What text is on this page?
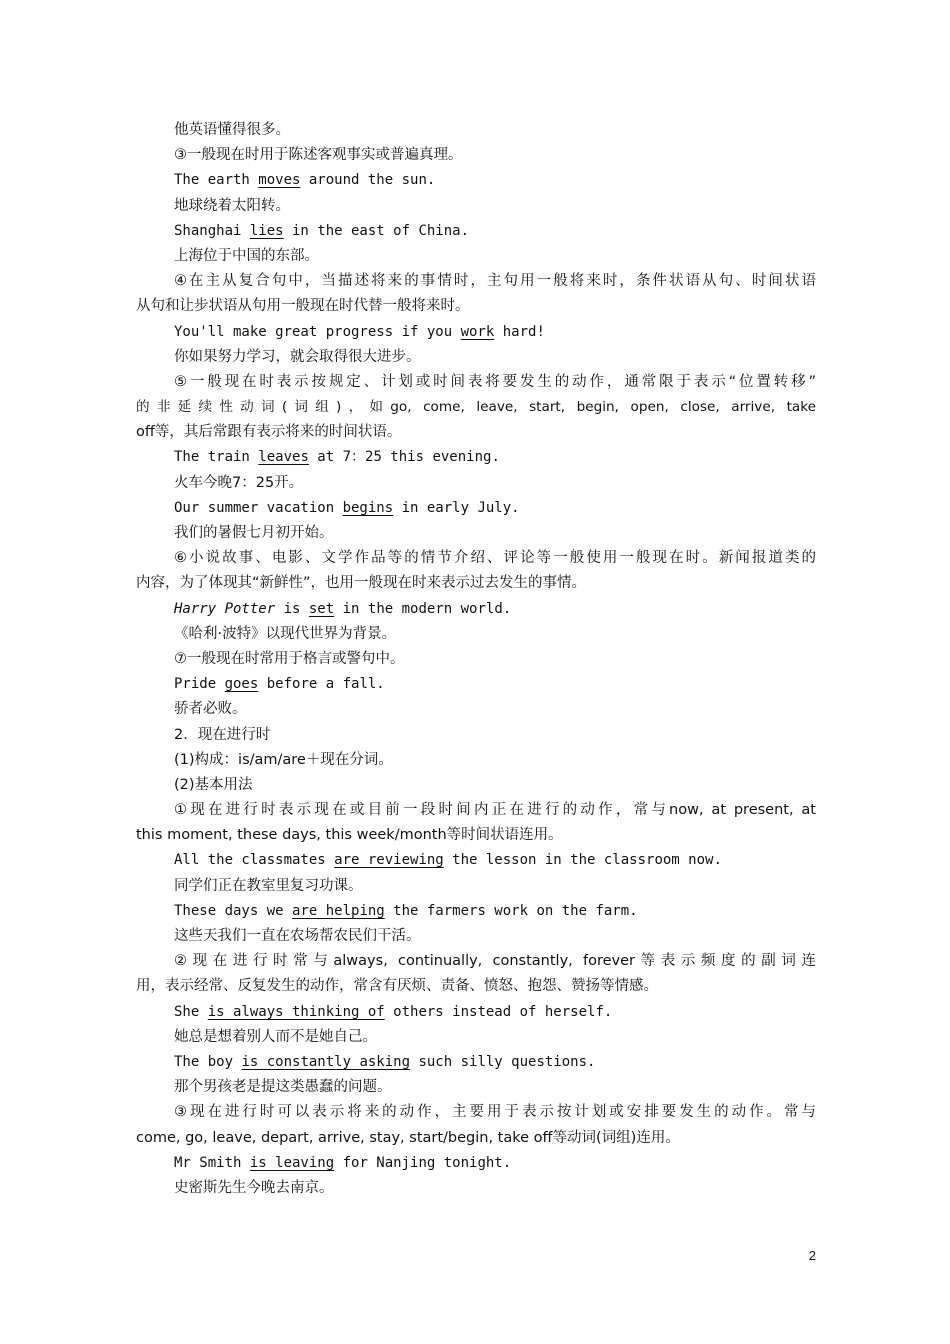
他英语懂得很多。
③一般现在时用于陈述客观事实或普遍真理。
The earth moves around the sun.
地球绕着太阳转。
Shanghai lies in the east of China.
上海位于中国的东部。
④在主从复合句中，当描述将来的事情时，主句用一般将来时，条件状语从句、时间状语
从句和让步状语从句用一般现在时代替一般将来时。
You'll make great progress if you work hard!
你如果努力学习，就会取得很大进步。
⑤一般现在时表示按规定、计划或时间表将要发生的动作，通常限于表示“位置转移”
的非延续性动词(词组)，如go, come, leave, start, begin, open, close, arrive, take
off等，其后常跟有表示将来的时间状语。
The train leaves at 7：25 this evening.
火车今晚7：25开。
Our summer vacation begins in early July.
我们的暑假七月初开始。
⑥小说故事、电影、文学作品等的情节介绍、评论等一般使用一般现在时。新闻报道类的
内容，为了体现其“新鲜性”，也用一般现在时来表示过去发生的事情。
Harry Potter is set in the modern world.
《哈利·波特》以现代世界为背景。
⑦一般现在时常用于格言或警句中。
Pride goes before a fall.
骄者必败。
2．现在进行时
(1)构成：is/am/are＋现在分词。
(2)基本用法
①现在进行时表示现在或目前一段时间内正在进行的动作，常与now, at present, at
this moment, these days, this week/month等时间状语连用。
All the classmates are reviewing the lesson in the classroom now.
同学们正在教室里复习功课。
These days we are helping the farmers work on the farm.
这些天我们一直在农场帮农民们干活。
②现在进行时常与always, continually, constantly, forever等表示频度的副词连
用，表示经常、反复发生的动作，常含有厌烦、责备、愤怒、抱怨、赞扬等情感。
She is always thinking of others instead of herself.
她总是想着别人而不是她自己。
The boy is constantly asking such silly questions.
那个男孩老是提这类愚蠢的问题。
③现在进行时可以表示将来的动作，主要用于表示按计划或安排要发生的动作。常与
come, go, leave, depart, arrive, stay, start/begin, take off等动词(词组)连用。
Mr Smith is leaving for Nanjing tonight.
史密斯先生今晚去南京。
2
